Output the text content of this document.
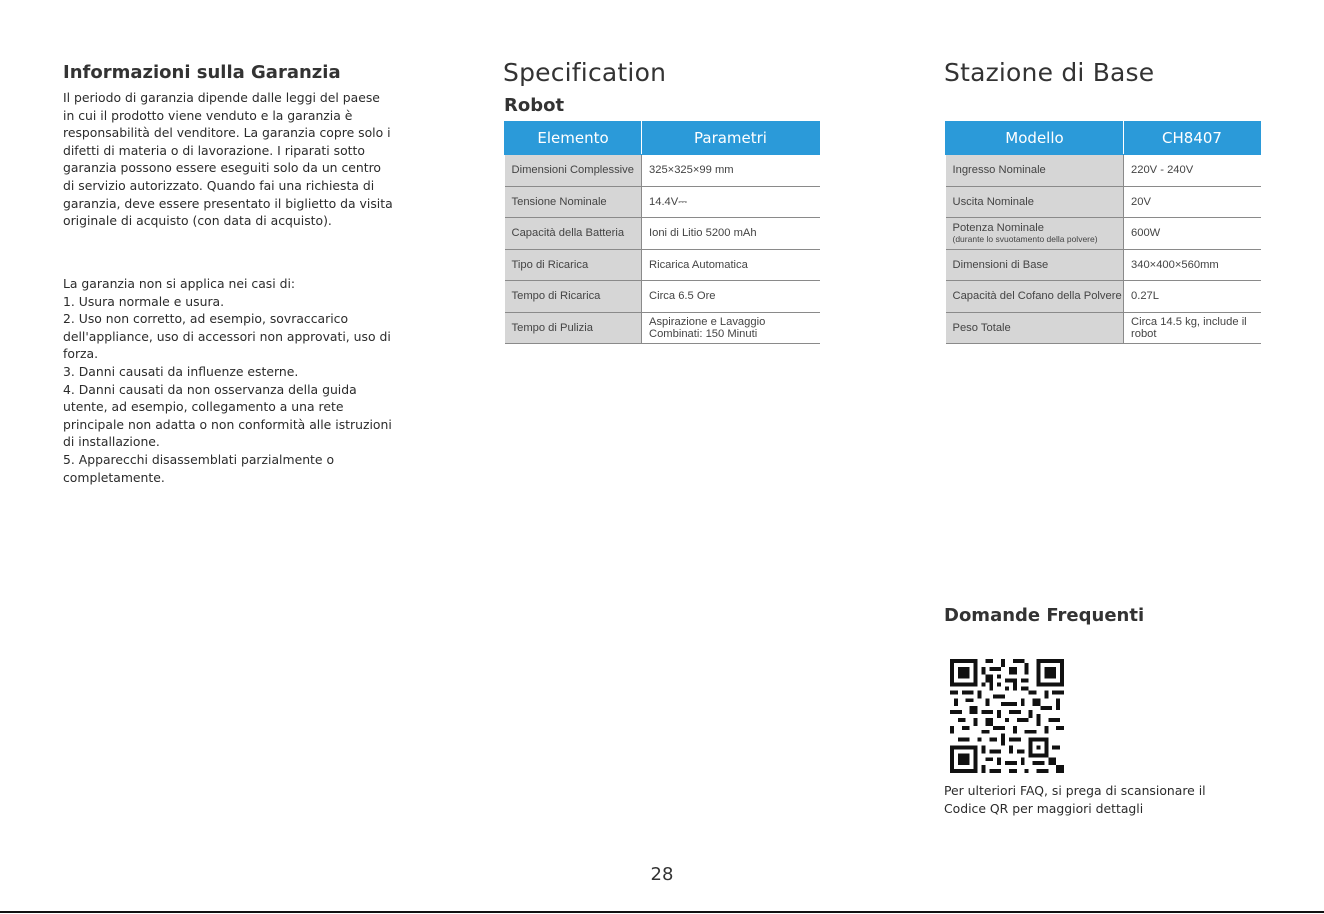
Informazioni sulla Garanzia

Il periodo di garanzia dipende dalle leggi del paese in cui il prodotto viene venduto e la garanzia è responsabilità del venditore. La garanzia copre solo i difetti di materia o di lavorazione. I riparati sotto garanzia possono essere eseguiti solo da un centro di servizio autorizzato. Quando fai una richiesta di garanzia, deve essere presentato il biglietto da visita originale di acquisto (con data di acquisto).

La garanzia non si applica nei casi di:
1. Usura normale e usura.
2. Uso non corretto, ad esempio, sovraccarico dell'appliance, uso di accessori non approvati, uso di forza.
3. Danni causati da influenze esterne.
4. Danni causati da non osservanza della guida utente, ad esempio, collegamento a una rete principale non adatta o non conformità alle istruzioni di installazione.
5. Apparecchi disassemblati parzialmente o completamente.
Specification
Robot
Elemento	Parametri
Dimensioni Complessive	325×325×99 mm
Tensione Nominale	14.4V⎓
Capacità della Batteria	Ioni di Litio 5200 mAh
Tipo di Ricarica	Ricarica Automatica
Tempo di Ricarica	Circa 6.5 Ore
Tempo di Pulizia	Aspirazione e Lavaggio Combinati: 150 Minuti
Stazione di Base
Modello	CH8407
Ingresso Nominale	220V - 240V
Uscita Nominale	20V
Potenza Nominale
(durante lo svuotamento della polvere)	600W
Dimensioni di Base	340×400×560mm
Capacità del Cofano della Polvere	0.27L
Peso Totale	Circa 14.5 kg, include il robot
Domande Frequenti

Per ulteriori FAQ, si prega di scansionare il Codice QR per maggiori dettagli

28
